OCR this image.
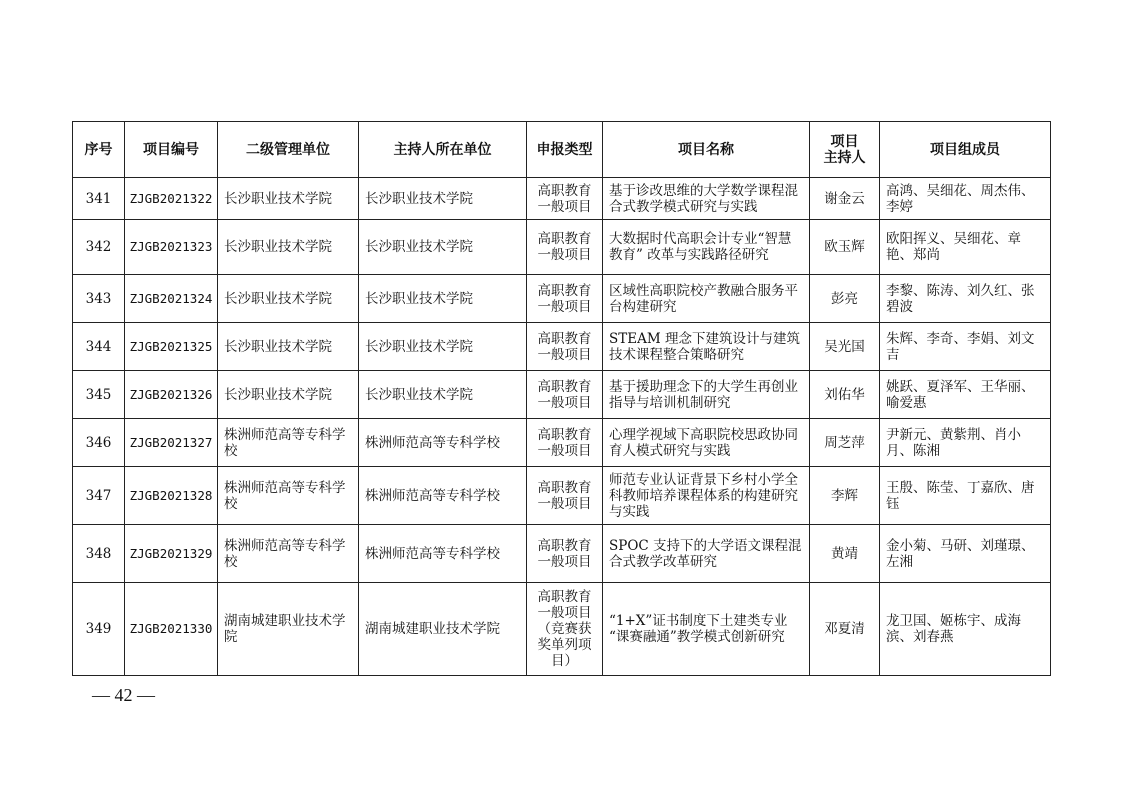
序号	项目编号	二级管理单位	主持人所在单位	申报类型	项目名称	项目
主持人	项目组成员
341	ZJGB2021322	长沙职业技术学院	长沙职业技术学院	高职教育一般项目	基于诊改思维的大学数学课程混合式教学模式研究与实践	谢金云	高鸿、吴细花、周杰伟、李婷
342	ZJGB2021323	长沙职业技术学院	长沙职业技术学院	高职教育一般项目	大数据时代高职会计专业“智慧教育” 改革与实践路径研究	欧玉辉	欧阳挥义、吴细花、章艳、郑尚
343	ZJGB2021324	长沙职业技术学院	长沙职业技术学院	高职教育一般项目	区域性高职院校产教融合服务平台构建研究	彭亮	李黎、陈涛、刘久红、张碧波
344	ZJGB2021325	长沙职业技术学院	长沙职业技术学院	高职教育一般项目	STEAM 理念下建筑设计与建筑技术课程整合策略研究	吴光国	朱辉、李奇、李娟、刘文吉
345	ZJGB2021326	长沙职业技术学院	长沙职业技术学院	高职教育一般项目	基于援助理念下的大学生再创业指导与培训机制研究	刘佑华	姚跃、夏泽军、王华丽、喻爱惠
346	ZJGB2021327	株洲师范高等专科学校	株洲师范高等专科学校	高职教育一般项目	心理学视域下高职院校思政协同育人模式研究与实践	周芝萍	尹新元、黄紫荆、肖小月、陈湘
347	ZJGB2021328	株洲师范高等专科学校	株洲师范高等专科学校	高职教育一般项目	师范专业认证背景下乡村小学全科教师培养课程体系的构建研究与实践	李辉	王殷、陈莹、丁嘉欣、唐钰
348	ZJGB2021329	株洲师范高等专科学校	株洲师范高等专科学校	高职教育一般项目	SPOC 支持下的大学语文课程混合式教学改革研究	黄靖	金小菊、马研、刘瑾璟、左湘
349	ZJGB2021330	湖南城建职业技术学院	湖南城建职业技术学院	高职教育一般项目（竞赛获奖单列项目）	“1+X”证书制度下土建类专业 “课赛融通”教学模式创新研究	邓夏清	龙卫国、姬栋宇、成海滨、刘春燕
— 42 —
